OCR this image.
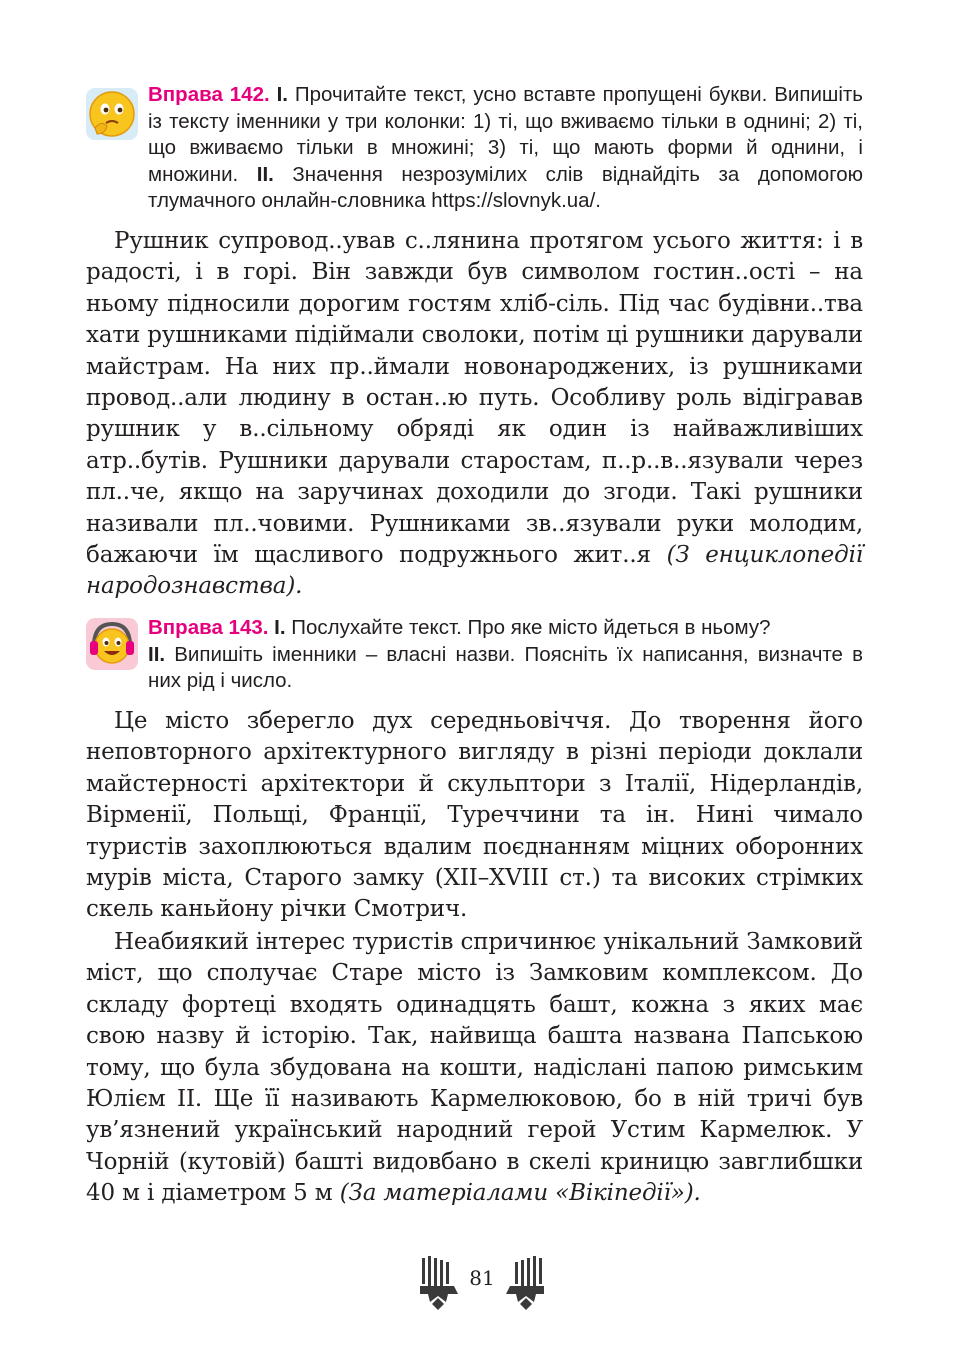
Вправа 142. I. Прочитайте текст, усно вставте пропущені букви. Випишіть із тексту іменники у три колонки: 1) ті, що вживаємо тільки в однині; 2) ті, що вживаємо тільки в множині; 3) ті, що мають форми й однини, і множини. II. Значення незрозумілих слів віднайдіть за допомогою тлумачного онлайн-словника https://slovnyk.ua/.

Рушник супровод..ував с..лянина протягом усього життя: і в радості, і в горі. Він завжди був символом гостин..ості – на ньому підносили дорогим гостям хліб-сіль. Під час будівни..тва хати рушниками підіймали сволоки, потім ці рушники дарували майстрам. На них пр..ймали новонароджених, із рушниками провод..али людину в остан..ю путь. Особливу роль відігравав рушник у в..сільному обряді як один із найважливіших атр..бутів. Рушники дарували старостам, п..р..в..язували через пл..че, якщо на заручинах доходили до згоди. Такі рушники називали пл..човими. Рушниками зв..язували руки молодим, бажаючи їм щасливого подружнього жит..я (З енциклопедії народознавства).

Вправа 143. I. Послухайте текст. Про яке місто йдеться в ньому?
II. Випишіть іменники – власні назви. Поясніть їх написання, визначте в них рід і число.

Це місто зберегло дух середньовіччя. До творення його неповторного архітектурного вигляду в різні періоди доклали майстерності архітектори й скульптори з Італії, Нідерландів, Вірменії, Польщі, Франції, Туреччини та ін. Нині чимало туристів захоплюються вдалим поєднанням міцних оборонних мурів міста, Старого замку (XII–XVIII ст.) та високих стрімких скель каньйону річки Смотрич.

Неабиякий інтерес туристів спричинює унікальний Замковий міст, що сполучає Старе місто із Замковим комплексом. До складу фортеці входять одинадцять башт, кожна з яких має свою назву й історію. Так, найвища башта названа Папською тому, що була збудована на кошти, надіслані папою римським Юлієм ІІ. Ще її називають Кармелюковою, бо в ній тричі був ув’язнений український народний герой Устим Кармелюк. У Чорній (кутовій) башті видовбано в скелі криницю завглибшки 40 м і діаметром 5 м (За матеріалами «Вікіпедії»).

81
